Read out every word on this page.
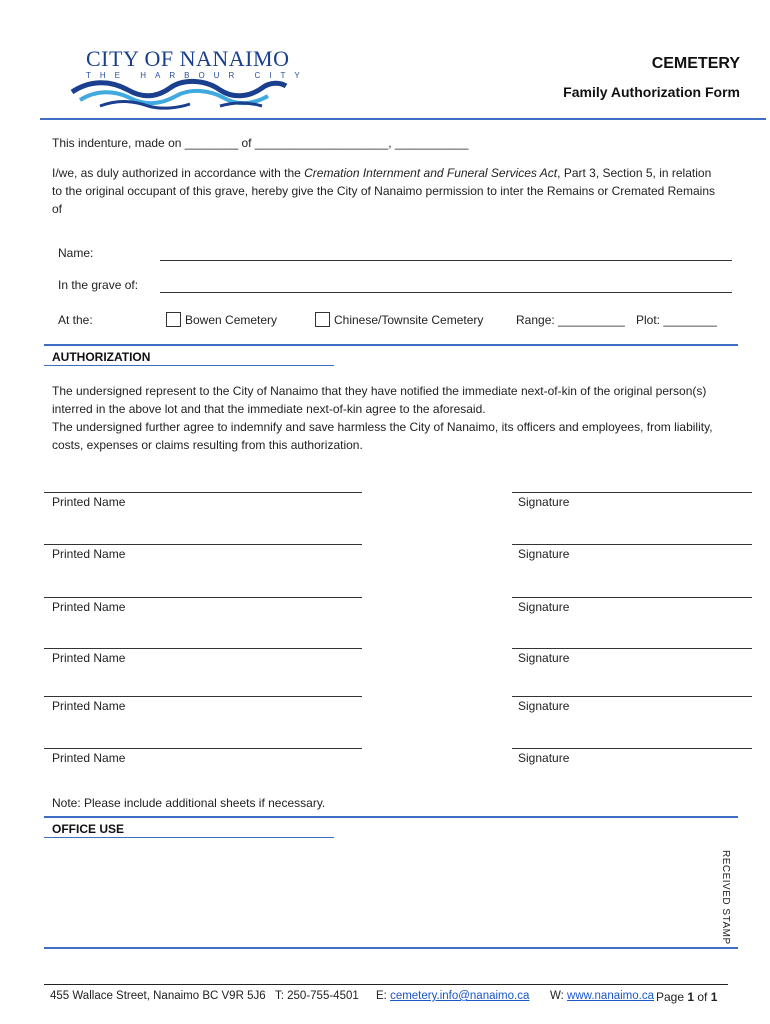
CITY OF NANAIMO
THE HARBOUR CITY
CEMETERY
Family Authorization Form
This indenture, made on ________ of ____________________, ___________
I/we, as duly authorized in accordance with the Cremation Internment and Funeral Services Act, Part 3, Section 5, in relation to the original occupant of this grave, hereby give the City of Nanaimo permission to inter the Remains or Cremated Remains of
Name:
In the grave of:
At the:	Bowen Cemetery	Chinese/Townsite Cemetery	Range: __________ Plot: ________
AUTHORIZATION
The undersigned represent to the City of Nanaimo that they have notified the immediate next-of-kin of the original person(s) interred in the above lot and that the immediate next-of-kin agree to the aforesaid.
The undersigned further agree to indemnify and save harmless the City of Nanaimo, its officers and employees, from liability, costs, expenses or claims resulting from this authorization.
Printed Name	Signature
Printed Name	Signature
Printed Name	Signature
Printed Name	Signature
Printed Name	Signature
Printed Name	Signature
Note: Please include additional sheets if necessary.
OFFICE USE
RECEIVED STAMP
455 Wallace Street, Nanaimo BC V9R 5J6 T: 250-755-4501 E: cemetery.info@nanaimo.ca W: www.nanaimo.ca Page 1 of 1
